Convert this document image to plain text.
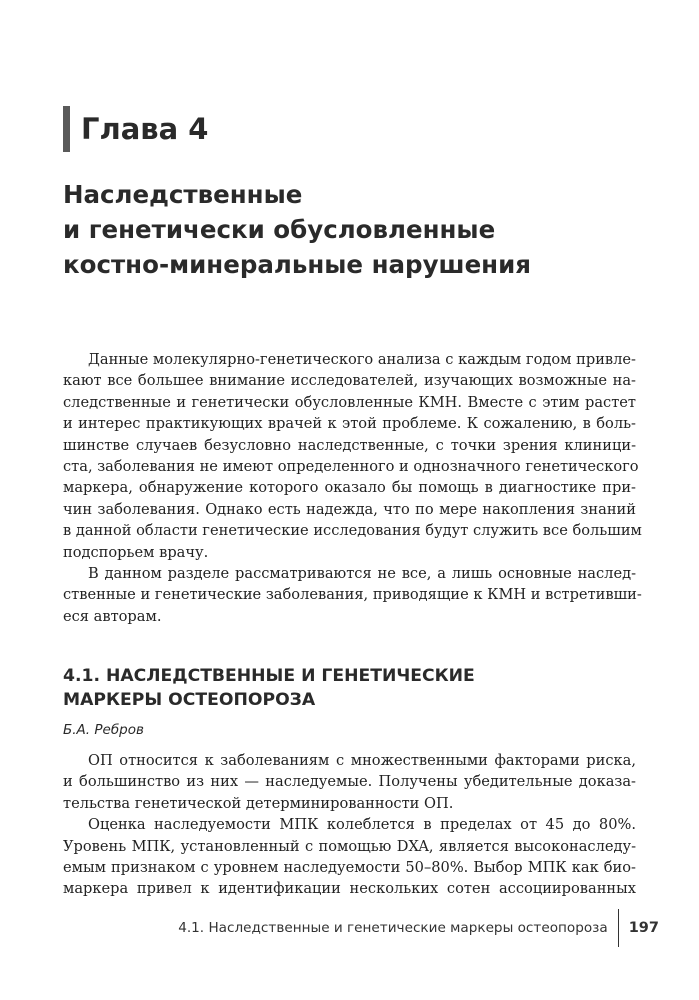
Глава 4
Наследственные
и генетически обусловленные
костно-минеральные нарушения

Данные молекулярно-генетического анализа с каждым годом привле-
кают все большее внимание исследователей, изучающих возможные на-
следственные и генетически обусловленные КМН. Вместе с этим растет
и интерес практикующих врачей к этой проблеме. К сожалению, в боль-
шинстве случаев безусловно наследственные, с точки зрения клиници-
ста, заболевания не имеют определенного и однозначного генетического
маркера, обнаружение которого оказало бы помощь в диагностике при-
чин заболевания. Однако есть надежда, что по мере накопления знаний
в данной области генетические исследования будут служить все большим
подспорьем врачу.

В данном разделе рассматриваются не все, а лишь основные наслед-
ственные и генетические заболевания, приводящие к КМН и встретивши-
еся авторам.

4.1. НАСЛЕДСТВЕННЫЕ И ГЕНЕТИЧЕСКИЕ
МАРКЕРЫ ОСТЕОПОРОЗА
Б.А. Ребров

ОП относится к заболеваниям с множественными факторами риска,
и большинство из них — наследуемые. Получены убедительные доказа-
тельства генетической детерминированности ОП.

Оценка наследуемости МПК колеблется в пределах от 45 до 80%.
Уровень МПК, установленный с помощью DXA, является высоконаследу-
емым признаком с уровнем наследуемости 50–80%. Выбор МПК как био-
маркера привел к идентификации нескольких сотен ассоциированных

4.1. Наследственные и генетические маркеры остеопороза	197
